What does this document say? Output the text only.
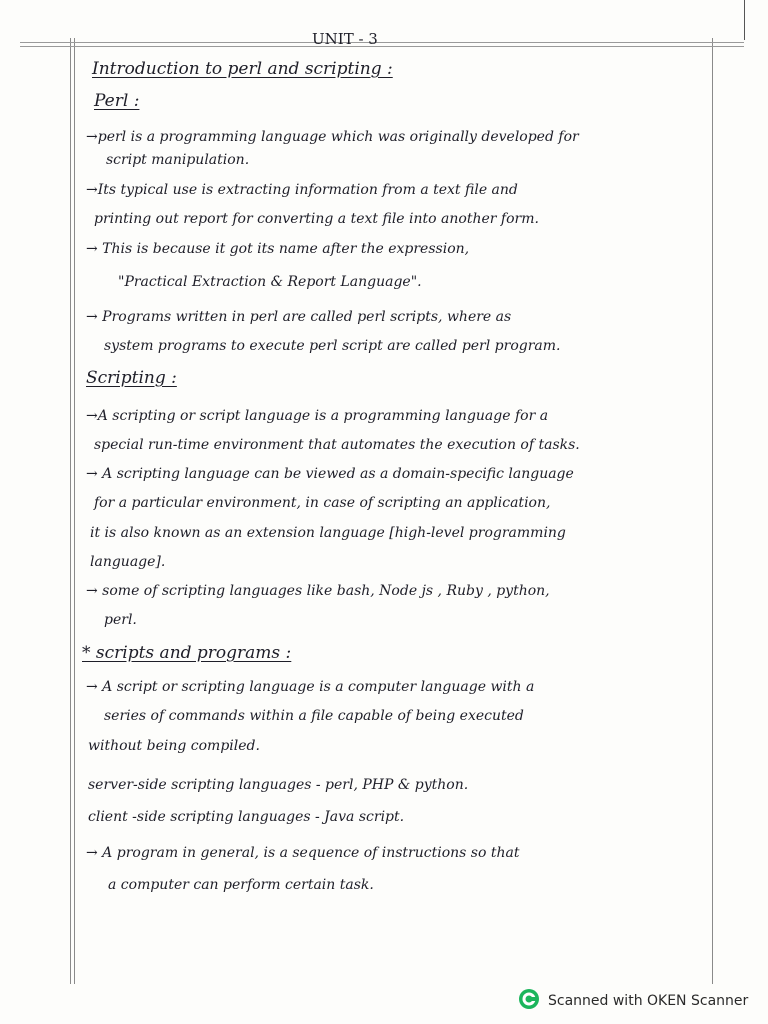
UNIT - 3
Introduction to perl and scripting :
Perl :
→perl is a programming language which was originally developed for
script manipulation.
→Its typical use is extracting information from a text file and
printing out report for converting a text file into another form.
→ This is because it got its name after the expression,
"Practical Extraction & Report Language".
→ Programs written in perl are called perl scripts, where as
system programs to execute perl script are called perl program.
Scripting :
→A scripting or script language is a programming language for a
special run-time environment that automates the execution of tasks.
→ A scripting language can be viewed as a domain-specific language
for a particular environment, in case of scripting an application,
it is also known as an extension language [high-level programming
language].
→ some of scripting languages like bash, Node js , Ruby , python,
perl.
* scripts and programs :
→ A script or scripting language is a computer language with a
series of commands within a file capable of being executed
without being compiled.
server-side scripting languages - perl, PHP & python.
client -side scripting languages - Java script.
→ A program in general, is a sequence of instructions so that
a computer can perform certain task.
Scanned with OKEN Scanner
